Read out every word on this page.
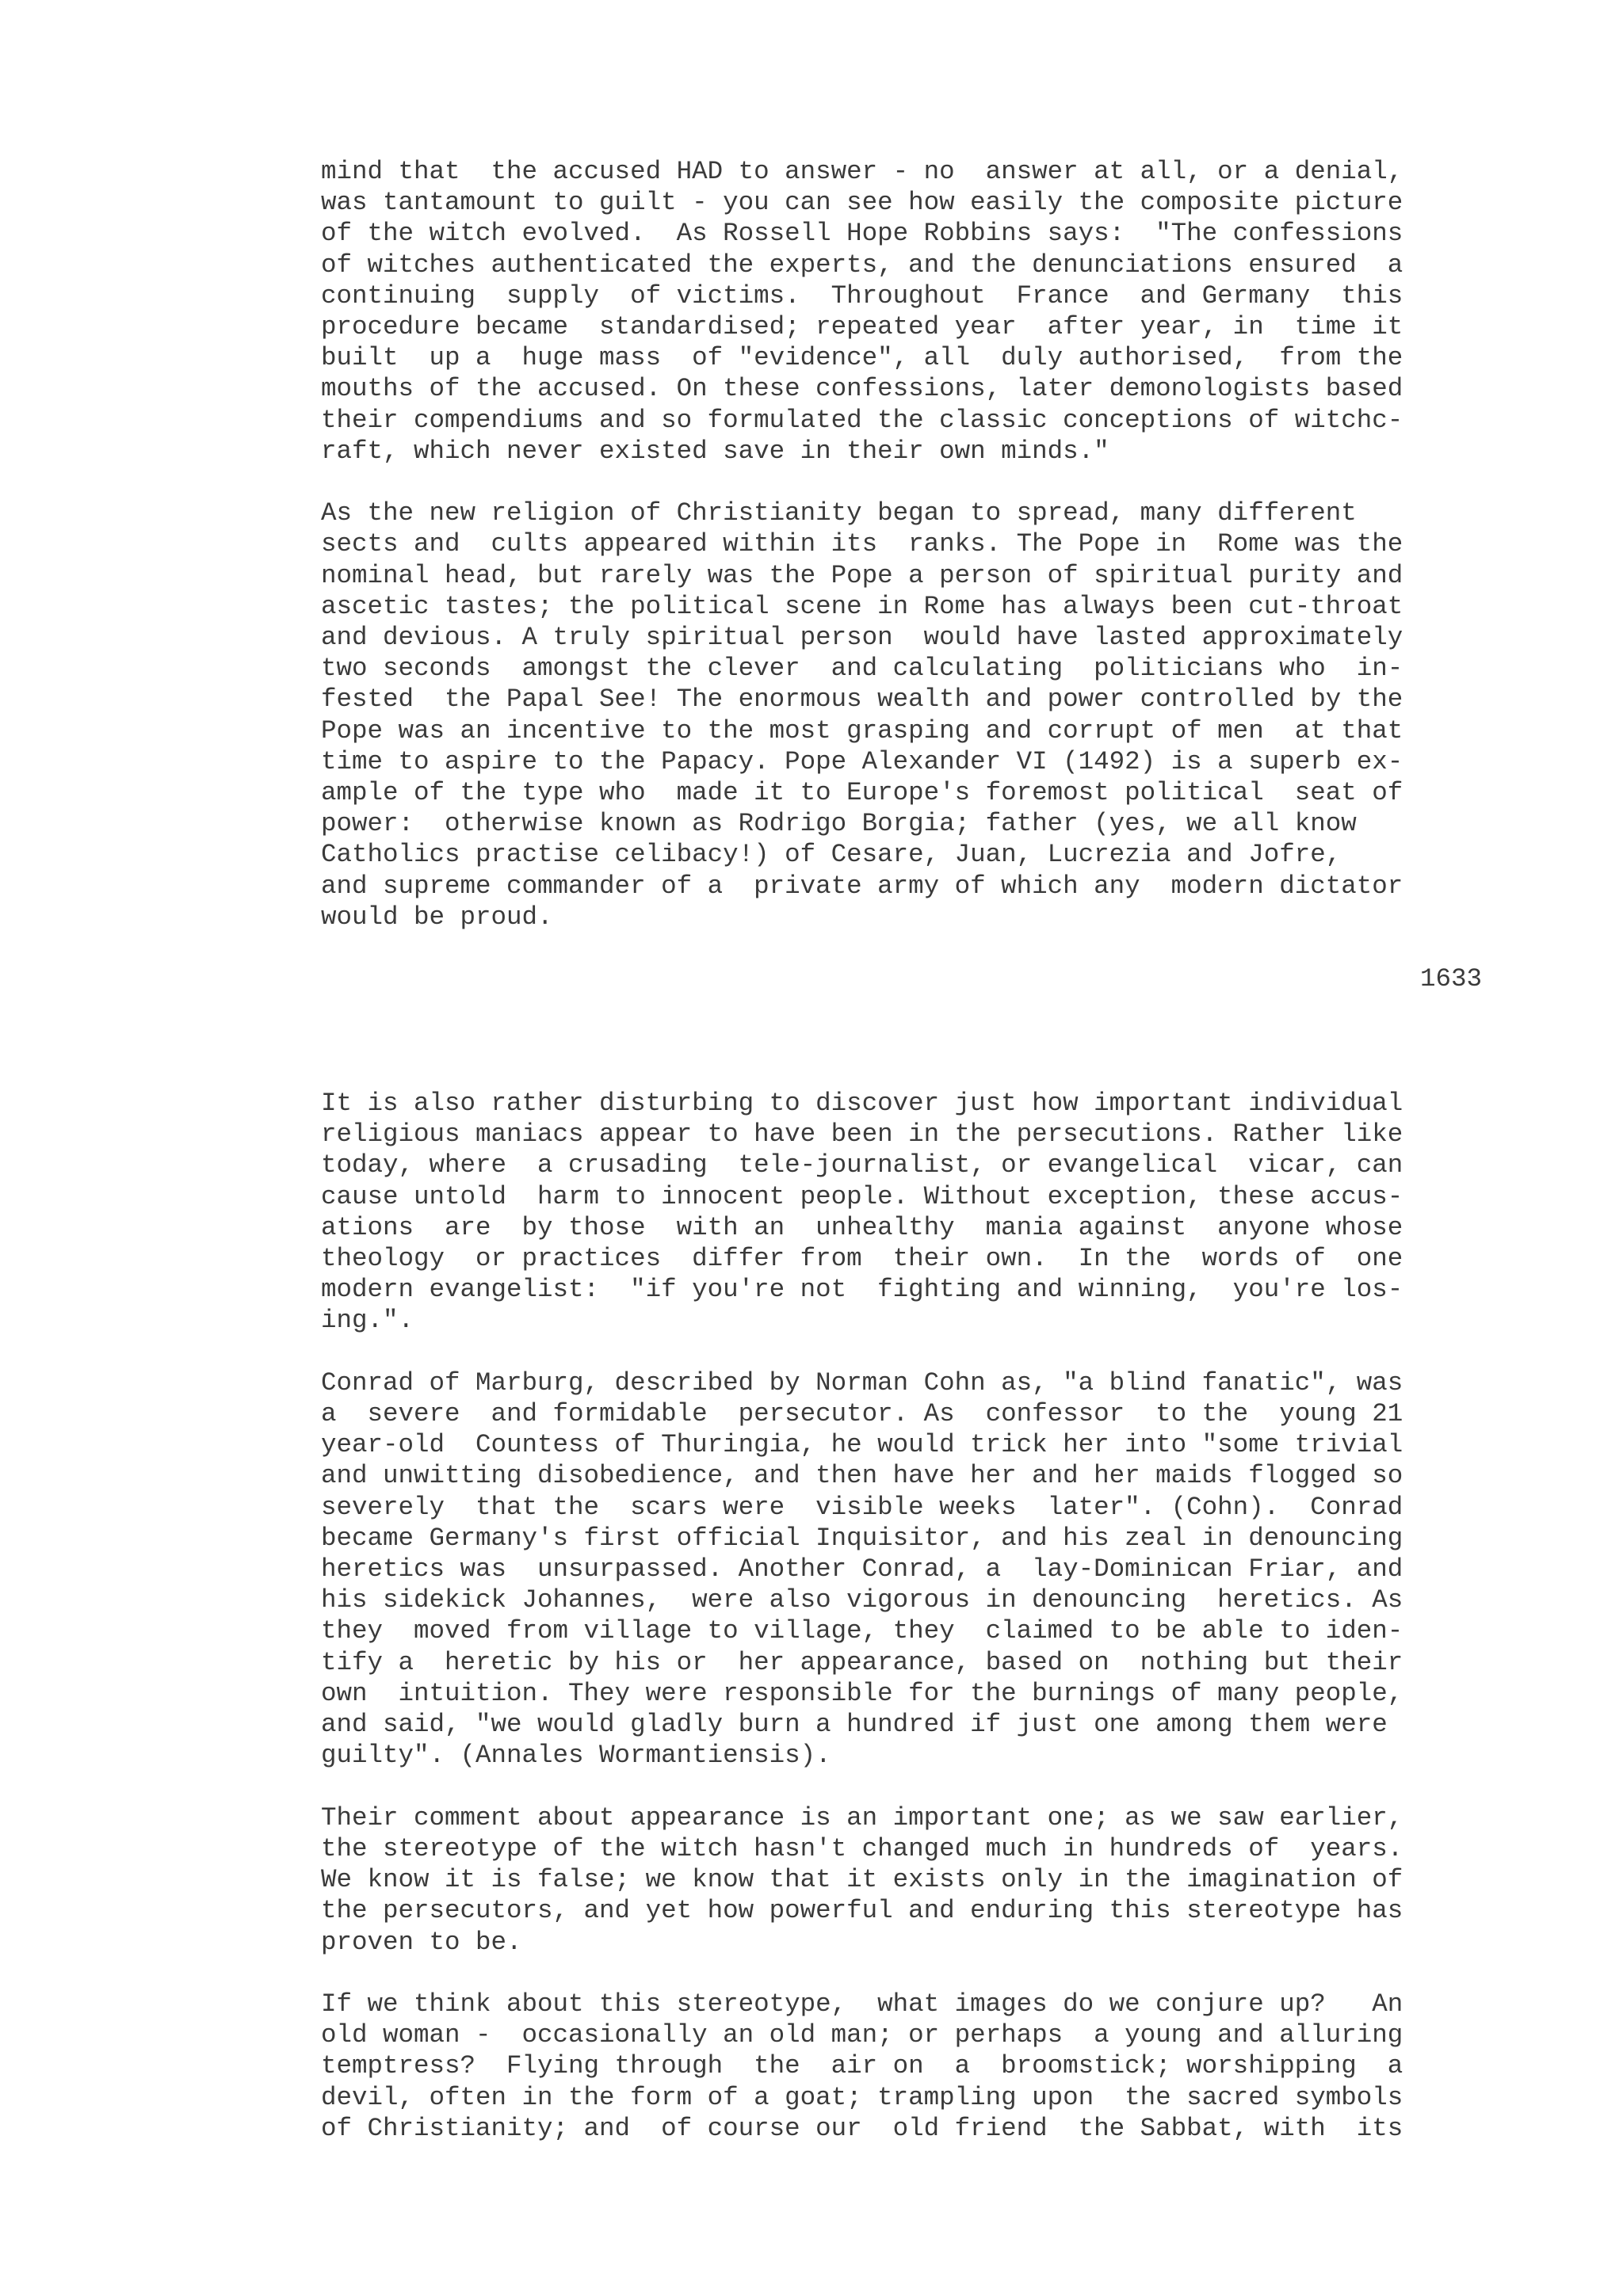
mind that  the accused HAD to answer - no  answer at all, or a denial,
was tantamount to guilt - you can see how easily the composite picture
of the witch evolved.  As Rossell Hope Robbins says:  "The confessions
of witches authenticated the experts, and the denunciations ensured  a
continuing  supply  of victims.  Throughout  France  and Germany  this
procedure became  standardised; repeated year  after year, in  time it
built  up a  huge mass  of "evidence", all  duly authorised,  from the
mouths of the accused. On these confessions, later demonologists based
their compendiums and so formulated the classic conceptions of witchc-
raft, which never existed save in their own minds."

As the new religion of Christianity began to spread, many different
sects and  cults appeared within its  ranks. The Pope in  Rome was the
nominal head, but rarely was the Pope a person of spiritual purity and
ascetic tastes; the political scene in Rome has always been cut-throat
and devious. A truly spiritual person  would have lasted approximately
two seconds  amongst the clever  and calculating  politicians who  in-
fested  the Papal See! The enormous wealth and power controlled by the
Pope was an incentive to the most grasping and corrupt of men  at that
time to aspire to the Papacy. Pope Alexander VI (1492) is a superb ex-
ample of the type who  made it to Europe's foremost political  seat of
power:  otherwise known as Rodrigo Borgia; father (yes, we all know
Catholics practise celibacy!) of Cesare, Juan, Lucrezia and Jofre,
and supreme commander of a  private army of which any  modern dictator
would be proud.

1633

It is also rather disturbing to discover just how important individual
religious maniacs appear to have been in the persecutions. Rather like
today, where  a crusading  tele-journalist, or evangelical  vicar, can
cause untold  harm to innocent people. Without exception, these accus-
ations  are  by those  with an  unhealthy  mania against  anyone whose
theology  or practices  differ from  their own.  In the  words of  one
modern evangelist:  "if you're not  fighting and winning,  you're los-
ing.".

Conrad of Marburg, described by Norman Cohn as, "a blind fanatic", was
a  severe  and formidable  persecutor. As  confessor  to the  young 21
year-old  Countess of Thuringia, he would trick her into "some trivial
and unwitting disobedience, and then have her and her maids flogged so
severely  that the  scars were  visible weeks  later". (Cohn).  Conrad
became Germany's first official Inquisitor, and his zeal in denouncing
heretics was  unsurpassed. Another Conrad, a  lay-Dominican Friar, and
his sidekick Johannes,  were also vigorous in denouncing  heretics. As
they  moved from village to village, they  claimed to be able to iden-
tify a  heretic by his or  her appearance, based on  nothing but their
own  intuition. They were responsible for the burnings of many people,
and said, "we would gladly burn a hundred if just one among them were
guilty". (Annales Wormantiensis).

Their comment about appearance is an important one; as we saw earlier,
the stereotype of the witch hasn't changed much in hundreds of  years.
We know it is false; we know that it exists only in the imagination of
the persecutors, and yet how powerful and enduring this stereotype has
proven to be.

If we think about this stereotype,  what images do we conjure up?   An
old woman -  occasionally an old man; or perhaps  a young and alluring
temptress?  Flying through  the  air on  a  broomstick; worshipping  a
devil, often in the form of a goat; trampling upon  the sacred symbols
of Christianity; and  of course our  old friend  the Sabbat, with  its
